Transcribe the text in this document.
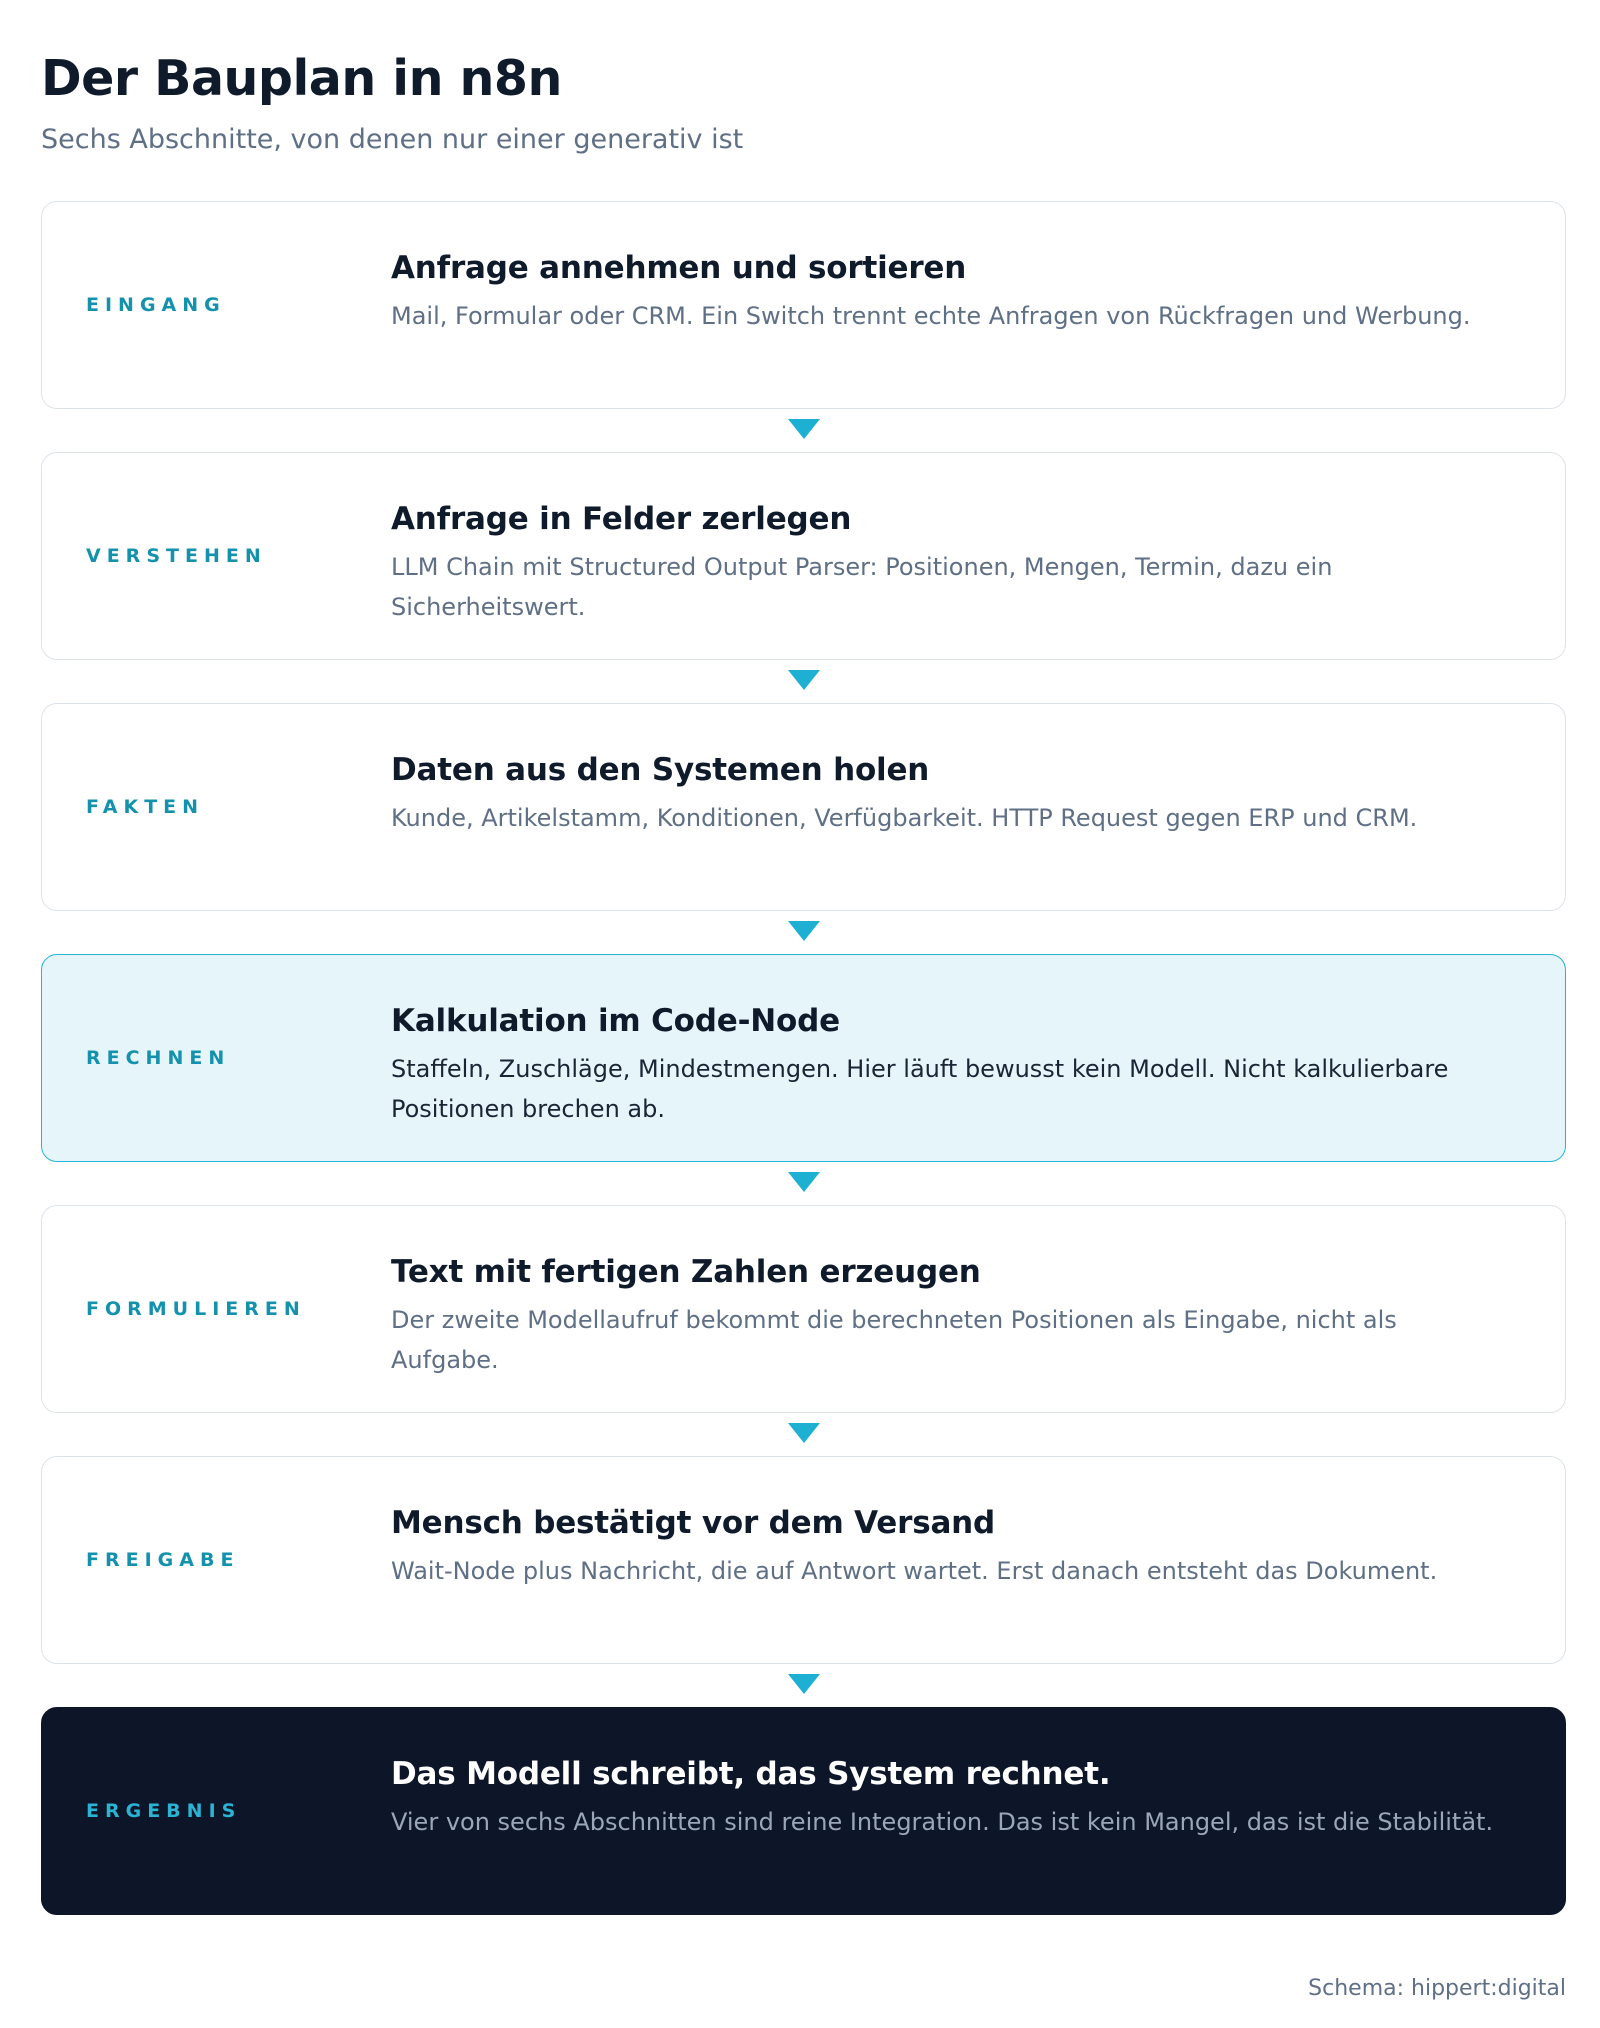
Der Bauplan in n8n

Sechs Abschnitte, von denen nur einer generativ ist

EINGANG
Anfrage annehmen und sortieren
Mail, Formular oder CRM. Ein Switch trennt echte Anfragen von Rückfragen und Werbung.
VERSTEHEN
Anfrage in Felder zerlegen
LLM Chain mit Structured Output Parser: Positionen, Mengen, Termin, dazu ein Sicherheitswert.
FAKTEN
Daten aus den Systemen holen
Kunde, Artikelstamm, Konditionen, Verfügbarkeit. HTTP Request gegen ERP und CRM.
RECHNEN
Kalkulation im Code-Node
Staffeln, Zuschläge, Mindestmengen. Hier läuft bewusst kein Modell. Nicht kalkulierbare Positionen brechen ab.
FORMULIEREN
Text mit fertigen Zahlen erzeugen
Der zweite Modellaufruf bekommt die berechneten Positionen als Eingabe, nicht als Aufgabe.
FREIGABE
Mensch bestätigt vor dem Versand
Wait-Node plus Nachricht, die auf Antwort wartet. Erst danach entsteht das Dokument.
ERGEBNIS
Das Modell schreibt, das System rechnet.
Vier von sechs Abschnitten sind reine Integration. Das ist kein Mangel, das ist die Stabilität.
Schema: hippert:digital
